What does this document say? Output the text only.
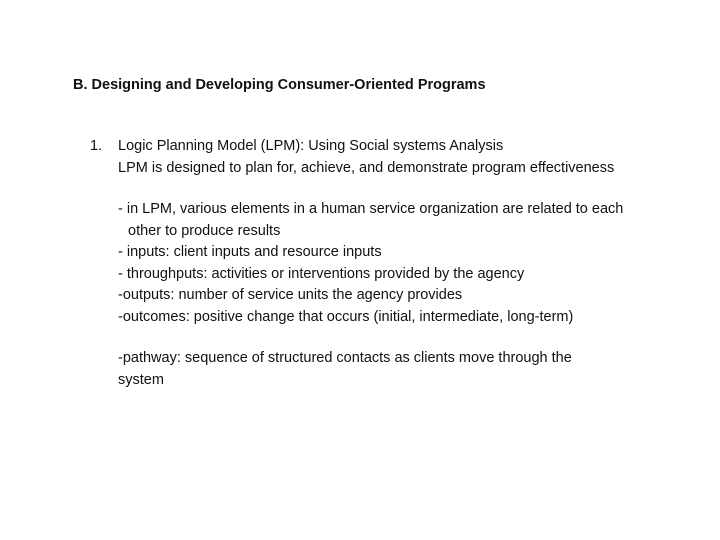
B. Designing and Developing Consumer-Oriented Programs
1. Logic Planning Model (LPM): Using Social systems Analysis
LPM is designed to plan for, achieve, and demonstrate program effectiveness
- in LPM, various elements in a human service organization are related to each
other to produce results
- inputs: client inputs and resource inputs
- throughputs: activities or interventions provided by the agency
-outputs: number of service units the agency provides
-outcomes: positive change that occurs (initial, intermediate, long-term)
-pathway: sequence of structured contacts as clients move through the
system
